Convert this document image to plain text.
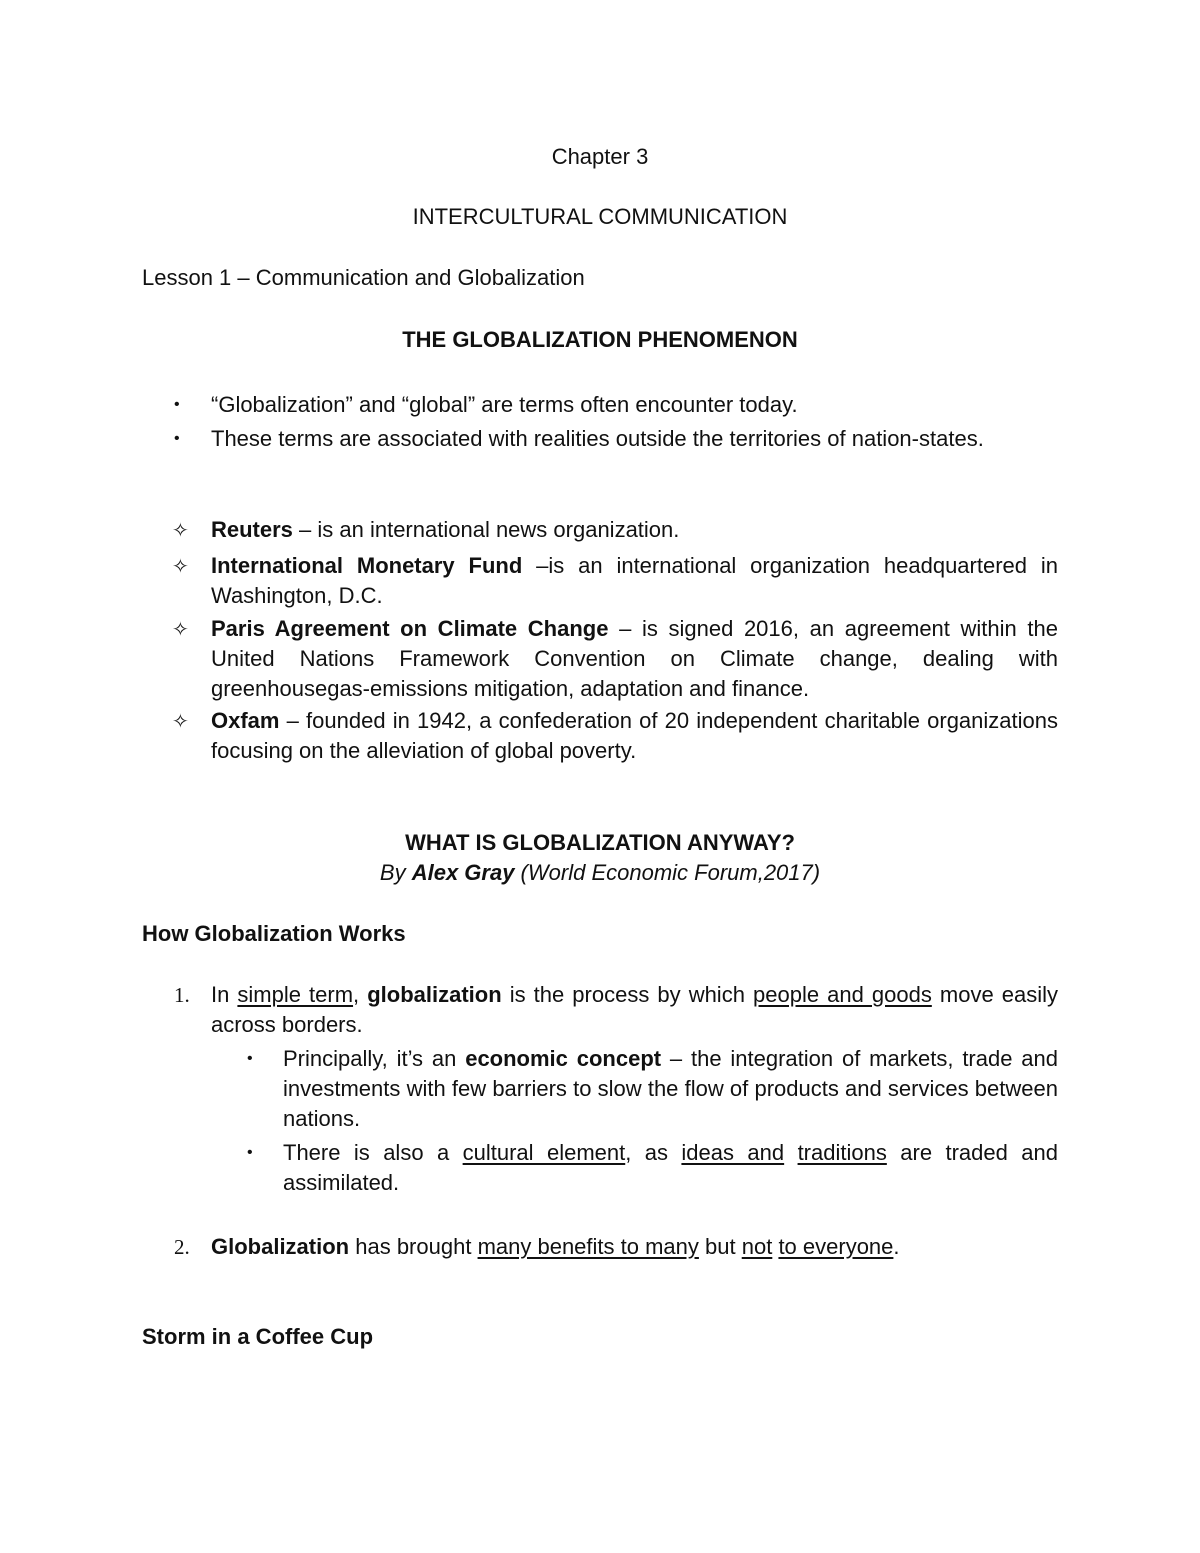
Chapter 3
INTERCULTURAL COMMUNICATION
Lesson 1 – Communication and Globalization
THE GLOBALIZATION PHENOMENON
• “Globalization” and “global” are terms often encounter today.
• These terms are associated with realities outside the territories of nation-states.
✧ Reuters – is an international news organization.
✧ International Monetary Fund –is an international organization headquartered in Washington, D.C.
✧ Paris Agreement on Climate Change – is signed 2016, an agreement within the United Nations Framework Convention on Climate change, dealing with greenhousegas-emissions mitigation, adaptation and finance.
✧ Oxfam – founded in 1942, a confederation of 20 independent charitable organizations focusing on the alleviation of global poverty.
WHAT IS GLOBALIZATION ANYWAY?
By Alex Gray (World Economic Forum,2017)
How Globalization Works
1. In simple term, globalization is the process by which people and goods move easily across borders.
• Principally, it’s an economic concept – the integration of markets, trade and investments with few barriers to slow the flow of products and services between nations.
• There is also a cultural element, as ideas and traditions are traded and assimilated.
2. Globalization has brought many benefits to many but not to everyone.
Storm in a Coffee Cup
